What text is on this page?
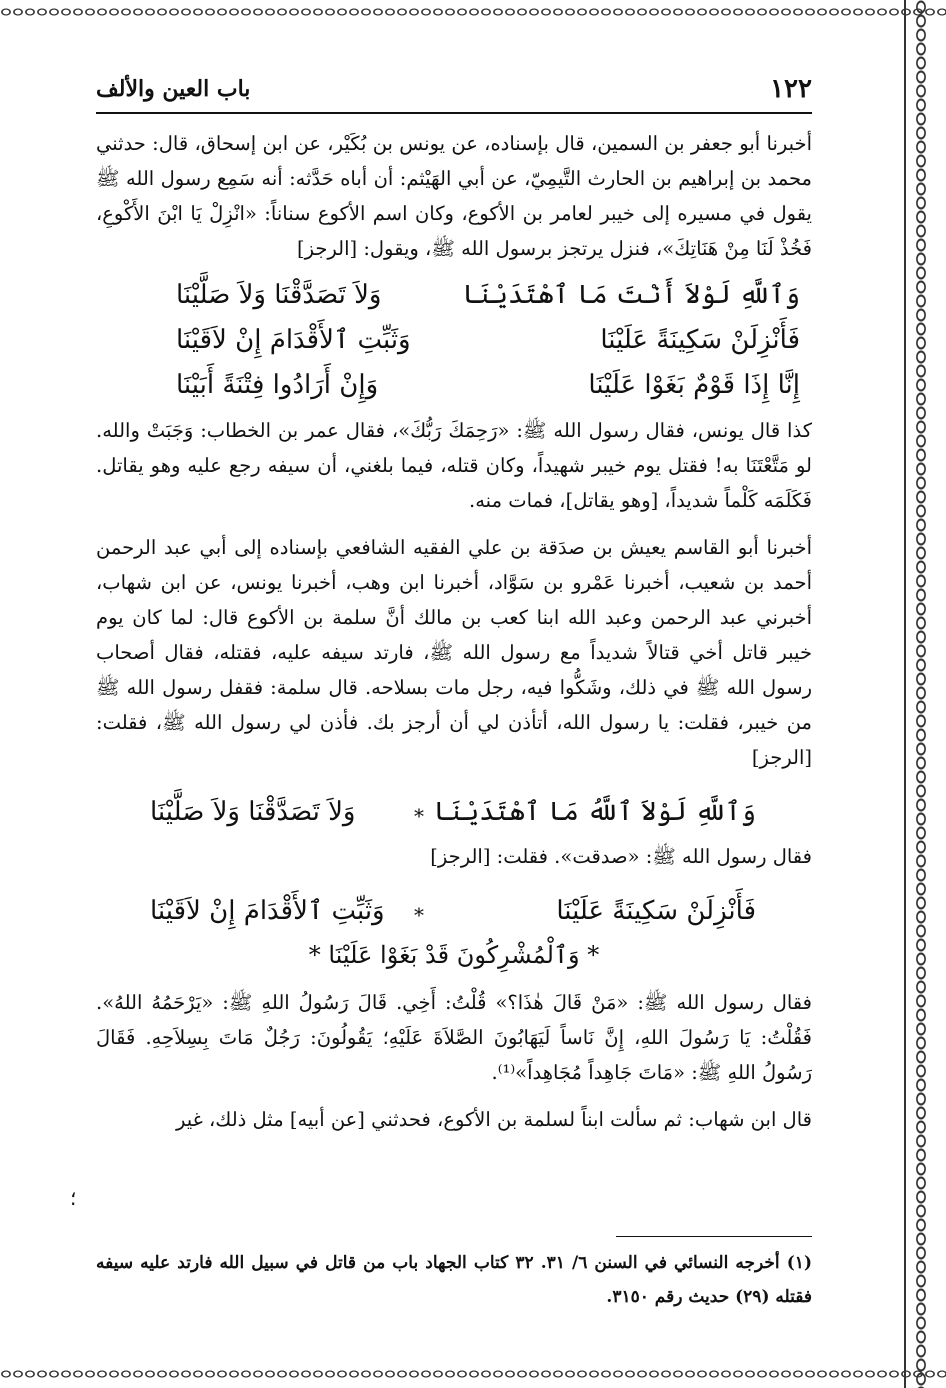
١٢٢
باب العين والألف

أخبرنا أبو جعفر بن السمين، قال بإسناده، عن يونس بن بُكَيْر، عن ابن إسحاق، قال: حدثني محمد بن إبراهيم بن الحارث التَّيمِيّ، عن أبي الهَيْثم: أن أباه حَدَّثه: أنه سَمِع رسول الله ﷺ يقول في مسيره إلى خيبر لعامر بن الأكوع، وكان اسم الأكوع سناناً: «انْزِلْ يَا ابْنَ الأَكْوعِ، فَخُذْ لَنَا مِنْ هَنَاتِكَ»، فنزل يرتجز برسول الله ﷺ، ويقول: [الرجز]

وَٱللَّهِ لَوْلاَ أَنْتَ مَا ٱهْتَدَيْنَا
وَلاَ تَصَدَّقْنَا وَلاَ صَلَّيْنَا
فَأَنْزِلَنْ سَكِينَةً عَلَيْنَا
وَثَبِّتِ ٱلأَقْدَامَ إِنْ لاَقَيْنَا
إِنَّا إِذَا قَوْمٌ بَغَوْا عَلَيْنَا
وَإِنْ أَرَادُوا فِتْنَةً أَبَيْنَا

كذا قال يونس، فقال رسول الله ﷺ: «رَحِمَكَ رَبُّكَ»، فقال عمر بن الخطاب: وَجَبَتْ والله. لو مَتَّعْتَنَا به! فقتل يوم خيبر شهيداً، وكان قتله، فيما بلغني، أن سيفه رجع عليه وهو يقاتل. فَكَلَمَه كَلْماً شديداً، [وهو يقاتل]، فمات منه.

أخبرنا أبو القاسم يعيش بن صدَقة بن علي الفقيه الشافعي بإسناده إلى أبي عبد الرحمن أحمد بن شعيب، أخبرنا عَمْرو بن سَوَّاد، أخبرنا ابن وهب، أخبرنا يونس، عن ابن شهاب، أخبرني عبد الرحمن وعبد الله ابنا كعب بن مالك أنَّ سلمة بن الأكوع قال: لما كان يوم خيبر قاتل أخي قتالاً شديداً مع رسول الله ﷺ، فارتد سيفه عليه، فقتله، فقال أصحاب رسول الله ﷺ في ذلك، وشَكُّوا فيه، رجل مات بسلاحه. قال سلمة: فقفل رسول الله ﷺ من خيبر، فقلت: يا رسول الله، أتأذن لي أن أرجز بك. فأذن لي رسول الله ﷺ، فقلت: [الرجز]

وَٱللَّهِ لَوْلاَ ٱللَّهُ مَا ٱهْتَدَيْنَا
*
وَلاَ تَصَدَّقْنَا وَلاَ صَلَّيْنَا

فقال رسول الله ﷺ: «صدقت». فقلت: [الرجز]

فَأَنْزِلَنْ سَكِينَةً عَلَيْنَا
*
وَثَبِّتِ ٱلأَقْدَامَ إِنْ لاَقَيْنَا

* وَٱلْمُشْرِكُونَ قَدْ بَغَوْا عَلَيْنَا *

فقال رسول الله ﷺ: «مَنْ قَالَ هٰذَا؟» قُلْتُ: أَخِي. قَالَ رَسُولُ اللهِ ﷺ: «يَرْحَمُهُ اللهُ». فَقُلْتُ: يَا رَسُولَ اللهِ، إِنَّ نَاساً لَيَهَابُونَ الصَّلاَةَ عَلَيْهِ؛ يَقُولُونَ: رَجُلٌ مَاتَ بِسِلاَحِهِ. فَقَالَ رَسُولُ اللهِ ﷺ: «مَاتَ جَاهِداً مُجَاهِداً»⁽¹⁾.

قال ابن شهاب: ثم سألت ابناً لسلمة بن الأكوع، فحدثني [عن أبيه] مثل ذلك، غير

؛
(١) أخرجه النسائي في السنن ٦/ ٣١. ٣٢ كتاب الجهاد باب من قاتل في سبيل الله فارتد عليه سيفه فقتله (٢٩) حديث رقم ٣١٥٠.
